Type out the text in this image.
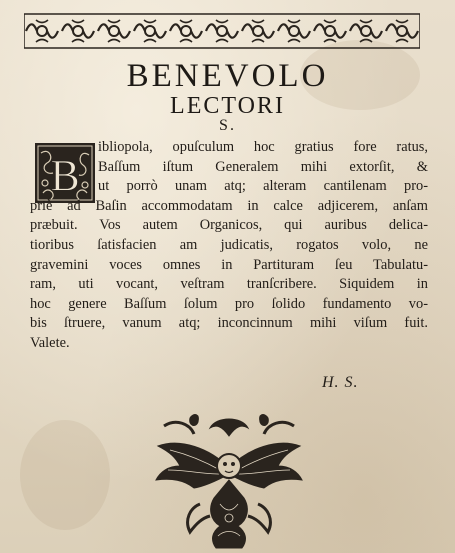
BENEVOLO
LECTORI
S.
B
ibliopola, opuſculum hoc gratius fore ratus,
Baſſum iſtum Generalem mihi extorſit, &
ut porrò unam atq; alteram cantilenam pro-
priè ad Baſin accommodatam in calce adjicerem, anſam
præbuit. Vos autem Organicos, qui auribus delica-
tioribus ſatisfacien am judicatis, rogatos volo, ne
gravemini voces omnes in Partituram ſeu Tabulatu-
ram, uti vocant, veſtram tranſcribere. Siquidem in
hoc genere Baſſum ſolum pro ſolido fundamento vo-
bis ſtruere, vanum atq; inconcinnum mihi viſum fuit.
Valete.
H. S.
